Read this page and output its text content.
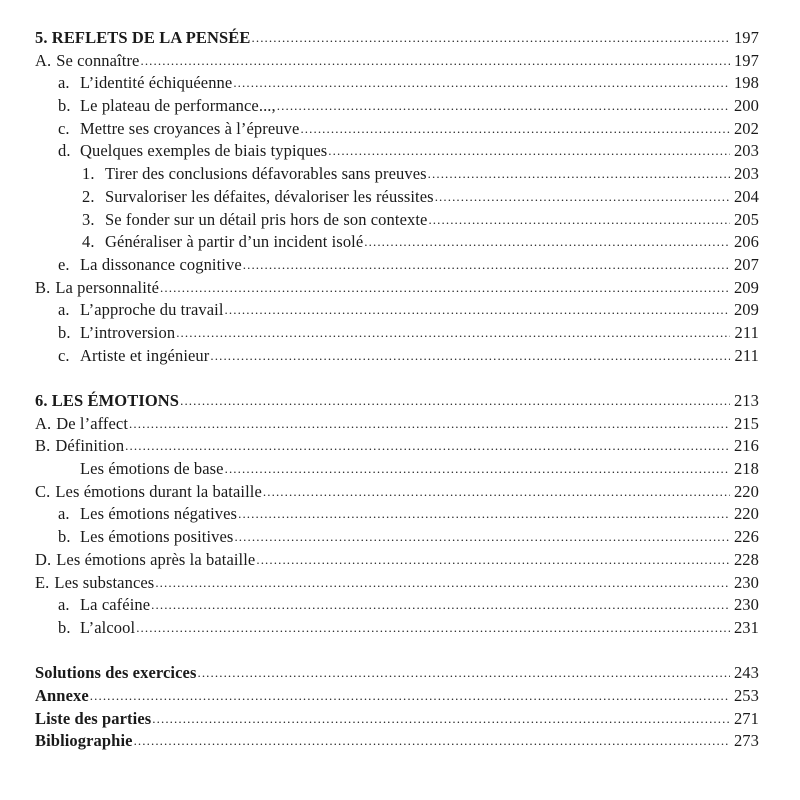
5. REFLETS DE LA PENSÉE .....	197
A. Se connaître .....	197
a. L’identité échiquéenne .....	198
b. Le plateau de performance..., .....	200
c. Mettre ses croyances à l’épreuve .....	202
d. Quelques exemples de biais typiques .....	203
1. Tirer des conclusions défavorables sans preuves .....	203
2. Survaloriser les défaites, dévaloriser les réussites .....	204
3. Se fonder sur un détail pris hors de son contexte .....	205
4. Généraliser à partir d’un incident isolé .....	206
e. La dissonance cognitive .....	207
B. La personnalité .....	209
a. L’approche du travail .....	209
b. L’introversion .....	211
c. Artiste et ingénieur .....	211
6. LES ÉMOTIONS .....	213
A. De l’affect .....	215
B. Définition .....	216
Les émotions de base .....	218
C. Les émotions durant la bataille .....	220
a. Les émotions négatives .....	220
b. Les émotions positives .....	226
D. Les émotions après la bataille .....	228
E. Les substances .....	230
a. La caféine .....	230
b. L’alcool .....	231
Solutions des exercices .....	243
Annexe .....	253
Liste des parties .....	271
Bibliographie .....	273
